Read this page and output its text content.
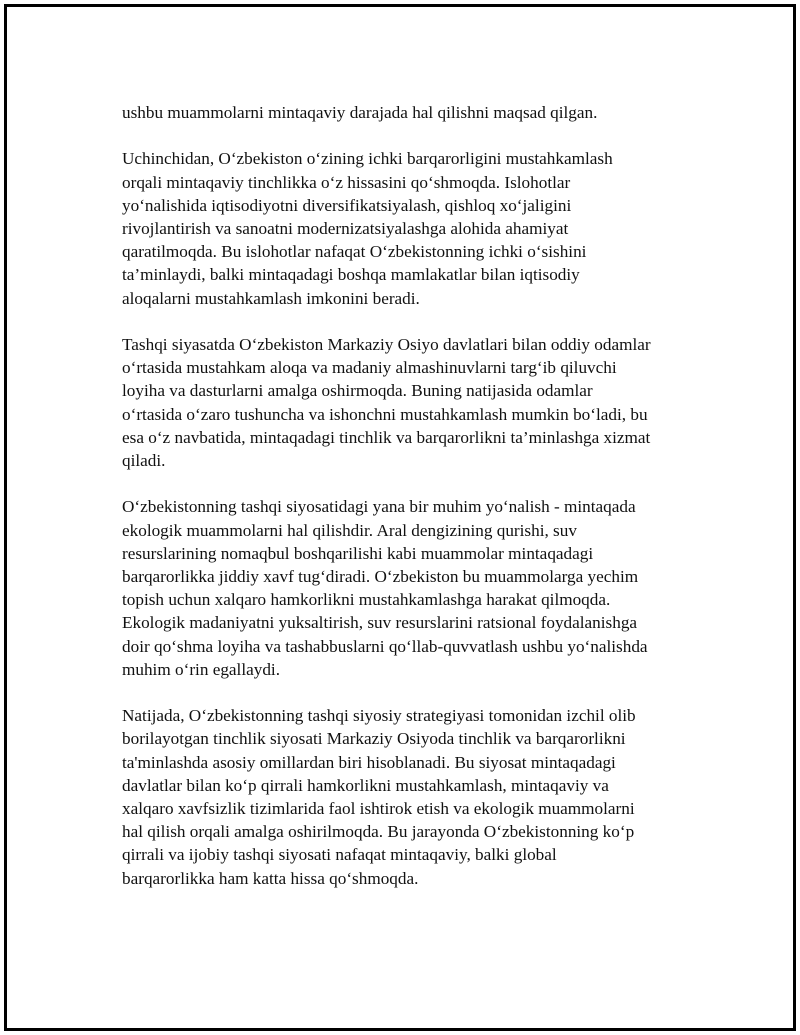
ushbu muammolarni mintaqaviy darajada hal qilishni maqsad qilgan.

Uchinchidan, O‘zbekiston o‘zining ichki barqarorligini mustahkamlash
orqali mintaqaviy tinchlikka o‘z hissasini qo‘shmoqda. Islohotlar
yo‘nalishida iqtisodiyotni diversifikatsiyalash, qishloq xo‘jaligini
rivojlantirish va sanoatni modernizatsiyalashga alohida ahamiyat
qaratilmoqda. Bu islohotlar nafaqat O‘zbekistonning ichki o‘sishini
ta’minlaydi, balki mintaqadagi boshqa mamlakatlar bilan iqtisodiy
aloqalarni mustahkamlash imkonini beradi.

Tashqi siyasatda O‘zbekiston Markaziy Osiyo davlatlari bilan oddiy odamlar
o‘rtasida mustahkam aloqa va madaniy almashinuvlarni targ‘ib qiluvchi
loyiha va dasturlarni amalga oshirmoqda. Buning natijasida odamlar
o‘rtasida o‘zaro tushuncha va ishonchni mustahkamlash mumkin bo‘ladi, bu
esa o‘z navbatida, mintaqadagi tinchlik va barqarorlikni ta’minlashga xizmat
qiladi.

O‘zbekistonning tashqi siyosatidagi yana bir muhim yo‘nalish - mintaqada
ekologik muammolarni hal qilishdir. Aral dengizining qurishi, suv
resurslarining nomaqbul boshqarilishi kabi muammolar mintaqadagi
barqarorlikka jiddiy xavf tug‘diradi. O‘zbekiston bu muammolarga yechim
topish uchun xalqaro hamkorlikni mustahkamlashga harakat qilmoqda.
Ekologik madaniyatni yuksaltirish, suv resurslarini ratsional foydalanishga
doir qo‘shma loyiha va tashabbuslarni qo‘llab-quvvatlash ushbu yo‘nalishda
muhim o‘rin egallaydi.

Natijada, O‘zbekistonning tashqi siyosiy strategiyasi tomonidan izchil olib
borilayotgan tinchlik siyosati Markaziy Osiyoda tinchlik va barqarorlikni
ta'minlashda asosiy omillardan biri hisoblanadi. Bu siyosat mintaqadagi
davlatlar bilan ko‘p qirrali hamkorlikni mustahkamlash, mintaqaviy va
xalqaro xavfsizlik tizimlarida faol ishtirok etish va ekologik muammolarni
hal qilish orqali amalga oshirilmoqda. Bu jarayonda O‘zbekistonning ko‘p
qirrali va ijobiy tashqi siyosati nafaqat mintaqaviy, balki global
barqarorlikka ham katta hissa qo‘shmoqda.
